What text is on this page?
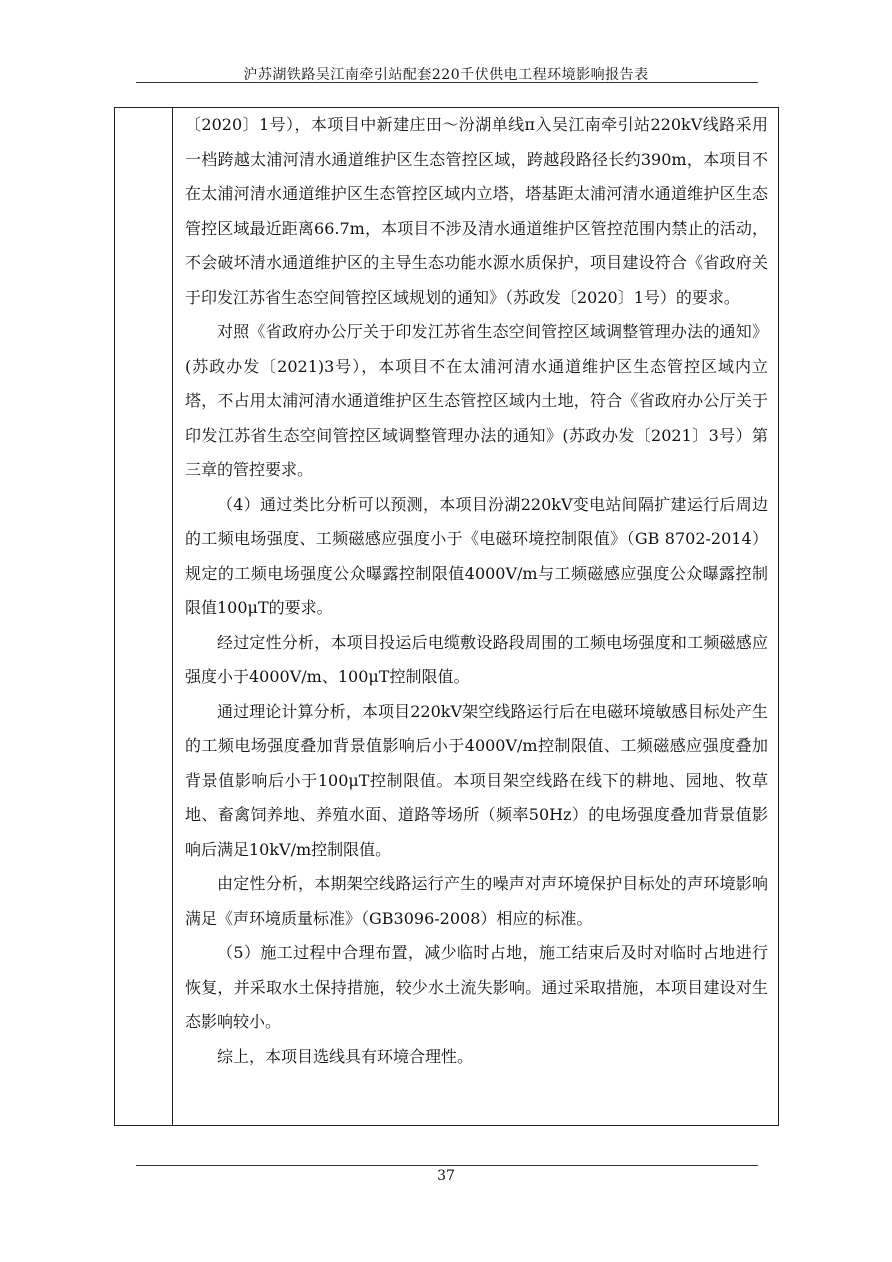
沪苏湖铁路吴江南牵引站配套220千伏供电工程环境影响报告表

〔2020〕1号），本项目中新建庄田～汾湖单线π入吴江南牵引站220kV线路采用一档跨越太浦河清水通道维护区生态管控区域，跨越段路径长约390m，本项目不在太浦河清水通道维护区生态管控区域内立塔，塔基距太浦河清水通道维护区生态管控区域最近距离66.7m，本项目不涉及清水通道维护区管控范围内禁止的活动，不会破坏清水通道维护区的主导生态功能水源水质保护，项目建设符合《省政府关于印发江苏省生态空间管控区域规划的通知》（苏政发〔2020〕1号）的要求。

对照《省政府办公厅关于印发江苏省生态空间管控区域调整管理办法的通知》(苏政办发〔2021)3号），本项目不在太浦河清水通道维护区生态管控区域内立塔，不占用太浦河清水通道维护区生态管控区域内土地，符合《省政府办公厅关于印发江苏省生态空间管控区域调整管理办法的通知》(苏政办发〔2021〕3号）第三章的管控要求。

（4）通过类比分析可以预测，本项目汾湖220kV变电站间隔扩建运行后周边的工频电场强度、工频磁感应强度小于《电磁环境控制限值》（GB 8702-2014）规定的工频电场强度公众曝露控制限值4000V/m与工频磁感应强度公众曝露控制限值100μT的要求。

经过定性分析，本项目投运后电缆敷设路段周围的工频电场强度和工频磁感应强度小于4000V/m、100μT控制限值。

通过理论计算分析，本项目220kV架空线路运行后在电磁环境敏感目标处产生的工频电场强度叠加背景值影响后小于4000V/m控制限值、工频磁感应强度叠加背景值影响后小于100μT控制限值。本项目架空线路在线下的耕地、园地、牧草地、畜禽饲养地、养殖水面、道路等场所（频率50Hz）的电场强度叠加背景值影响后满足10kV/m控制限值。

由定性分析，本期架空线路运行产生的噪声对声环境保护目标处的声环境影响满足《声环境质量标准》（GB3096-2008）相应的标准。

（5）施工过程中合理布置，减少临时占地，施工结束后及时对临时占地进行恢复，并采取水土保持措施，较少水土流失影响。通过采取措施，本项目建设对生态影响较小。

综上，本项目选线具有环境合理性。

37
